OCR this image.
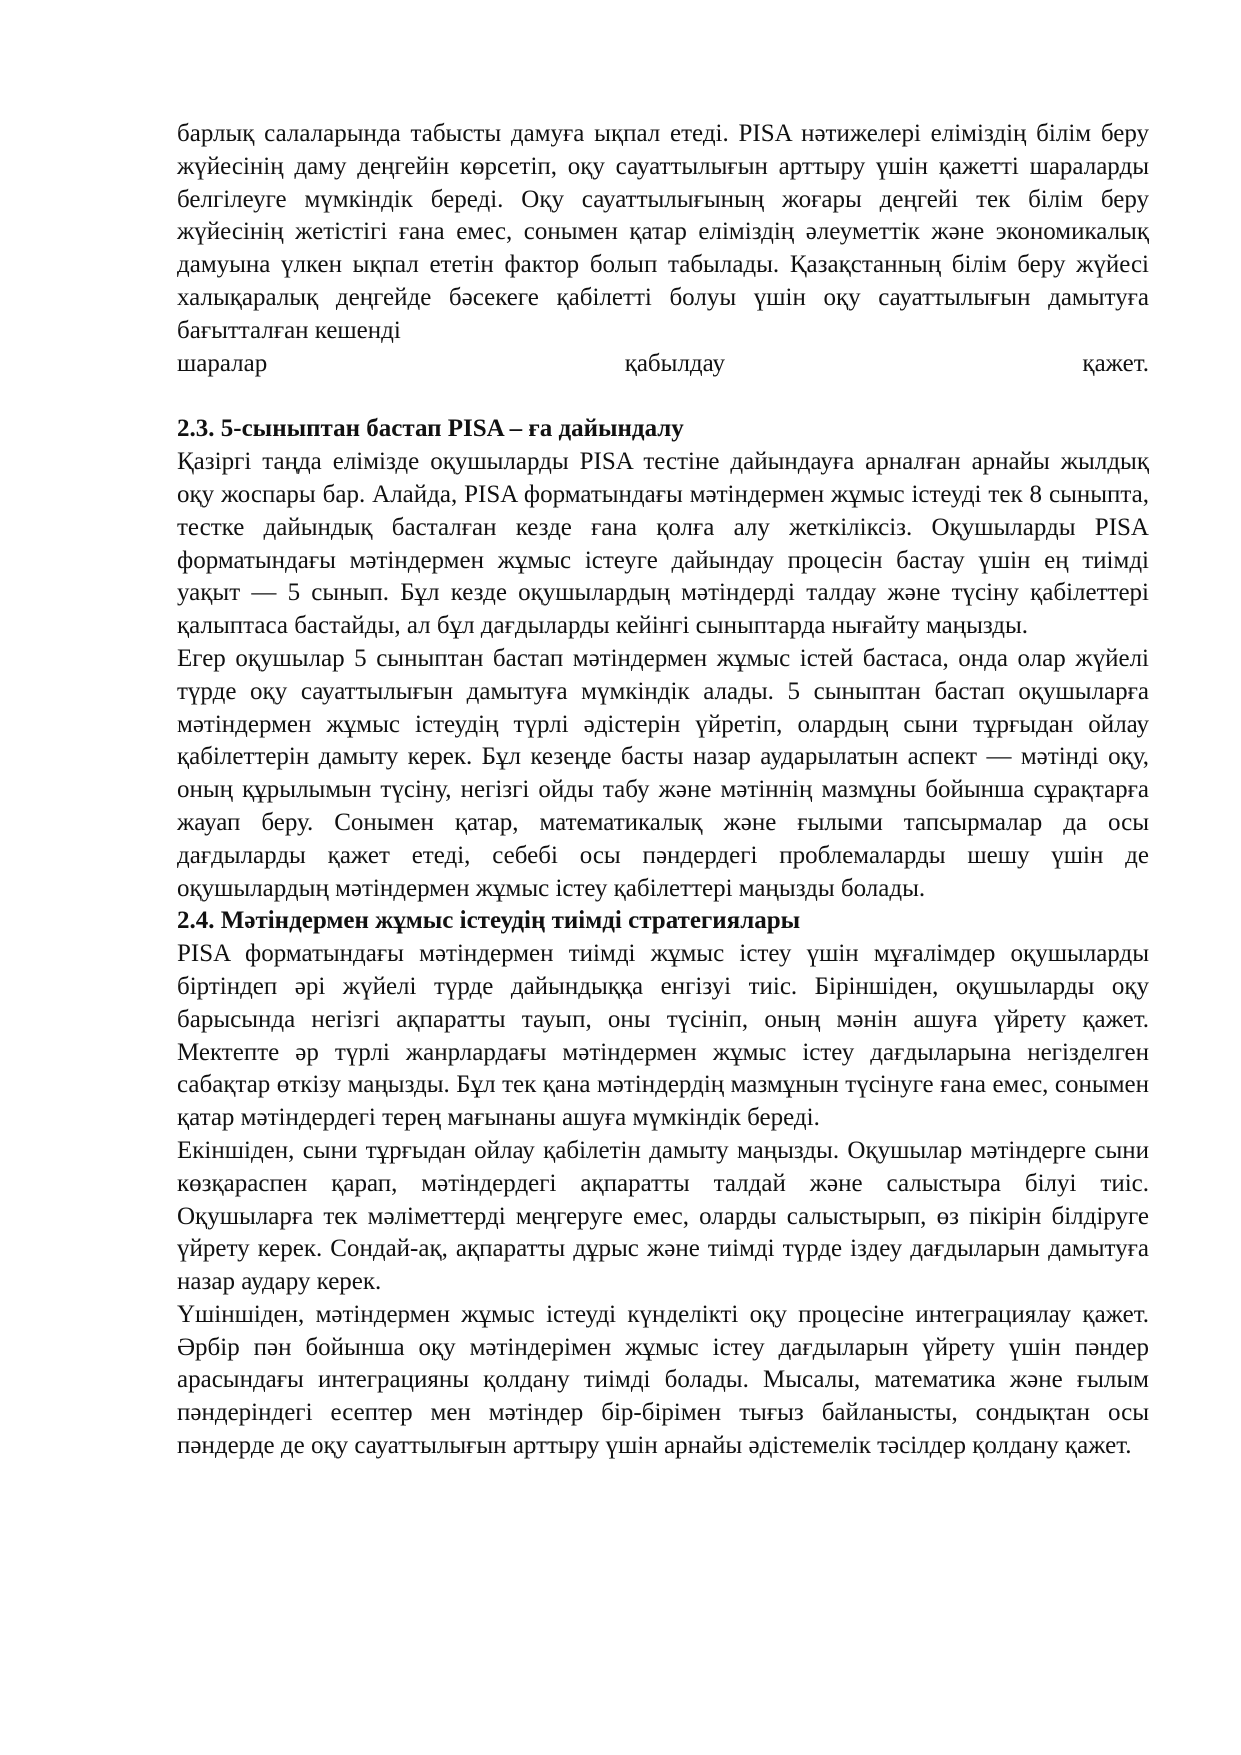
барлық салаларында табысты дамуға ықпал етеді. PISA нәтижелері еліміздің білім беру жүйесінің даму деңгейін көрсетіп, оқу сауаттылығын арттыру үшін қажетті шараларды белгілеуге мүмкіндік береді. Оқу сауаттылығының жоғары деңгейі тек білім беру жүйесінің жетістігі ғана емес, сонымен қатар еліміздің әлеуметтік және экономикалық дамуына үлкен ықпал ететін фактор болып табылады. Қазақстанның білім беру жүйесі халықаралық деңгейде бәсекеге қабілетті болуы үшін оқу сауаттылығын дамытуға бағытталған кешенді

шаралар қабылдау қажет.

2.3. 5-сыныптан бастап PISA – ға дайындалу

Қазіргі таңда елімізде оқушыларды PISA тестіне дайындауға арналған арнайы жылдық оқу жоспары бар. Алайда, PISA форматындағы мәтіндермен жұмыс істеуді тек 8 сыныпта, тестке дайындық басталған кезде ғана қолға алу жеткіліксіз. Оқушыларды PISA форматындағы мәтіндермен жұмыс істеуге дайындау процесін бастау үшін ең тиімді уақыт — 5 сынып. Бұл кезде оқушылардың мәтіндерді талдау және түсіну қабілеттері қалыптаса бастайды, ал бұл дағдыларды кейінгі сыныптарда нығайту маңызды.

Егер оқушылар 5 сыныптан бастап мәтіндермен жұмыс істей бастаса, онда олар жүйелі түрде оқу сауаттылығын дамытуға мүмкіндік алады. 5 сыныптан бастап оқушыларға мәтіндермен жұмыс істеудің түрлі әдістерін үйретіп, олардың сыни тұрғыдан ойлау қабілеттерін дамыту керек. Бұл кезеңде басты назар аударылатын аспект — мәтінді оқу, оның құрылымын түсіну, негізгі ойды табу және мәтіннің мазмұны бойынша сұрақтарға жауап беру. Сонымен қатар, математикалық және ғылыми тапсырмалар да осы дағдыларды қажет етеді, себебі осы пәндердегі проблемаларды шешу үшін де оқушылардың мәтіндермен жұмыс істеу қабілеттері маңызды болады.

2.4. Мәтіндермен жұмыс істеудің тиімді стратегиялары

PISA форматындағы мәтіндермен тиімді жұмыс істеу үшін мұғалімдер оқушыларды біртіндеп әрі жүйелі түрде дайындыққа енгізуі тиіс. Біріншіден, оқушыларды оқу барысында негізгі ақпаратты тауып, оны түсініп, оның мәнін ашуға үйрету қажет. Мектепте әр түрлі жанрлардағы мәтіндермен жұмыс істеу дағдыларына негізделген сабақтар өткізу маңызды. Бұл тек қана мәтіндердің мазмұнын түсінуге ғана емес, сонымен қатар мәтіндердегі терең мағынаны ашуға мүмкіндік береді.

Екіншіден, сыни тұрғыдан ойлау қабілетін дамыту маңызды. Оқушылар мәтіндерге сыни көзқараспен қарап, мәтіндердегі ақпаратты талдай және салыстыра білуі тиіс. Оқушыларға тек мәліметтерді меңгеруге емес, оларды салыстырып, өз пікірін білдіруге үйрету керек. Сондай-ақ, ақпаратты дұрыс және тиімді түрде іздеу дағдыларын дамытуға назар аудару керек.

Үшіншіден, мәтіндермен жұмыс істеуді күнделікті оқу процесіне интеграциялау қажет. Әрбір пән бойынша оқу мәтіндерімен жұмыс істеу дағдыларын үйрету үшін пәндер арасындағы интеграцияны қолдану тиімді болады. Мысалы, математика және ғылым пәндеріндегі есептер мен мәтіндер бір-бірімен тығыз байланысты, сондықтан осы пәндерде де оқу сауаттылығын арттыру үшін арнайы әдістемелік тәсілдер қолдану қажет.
